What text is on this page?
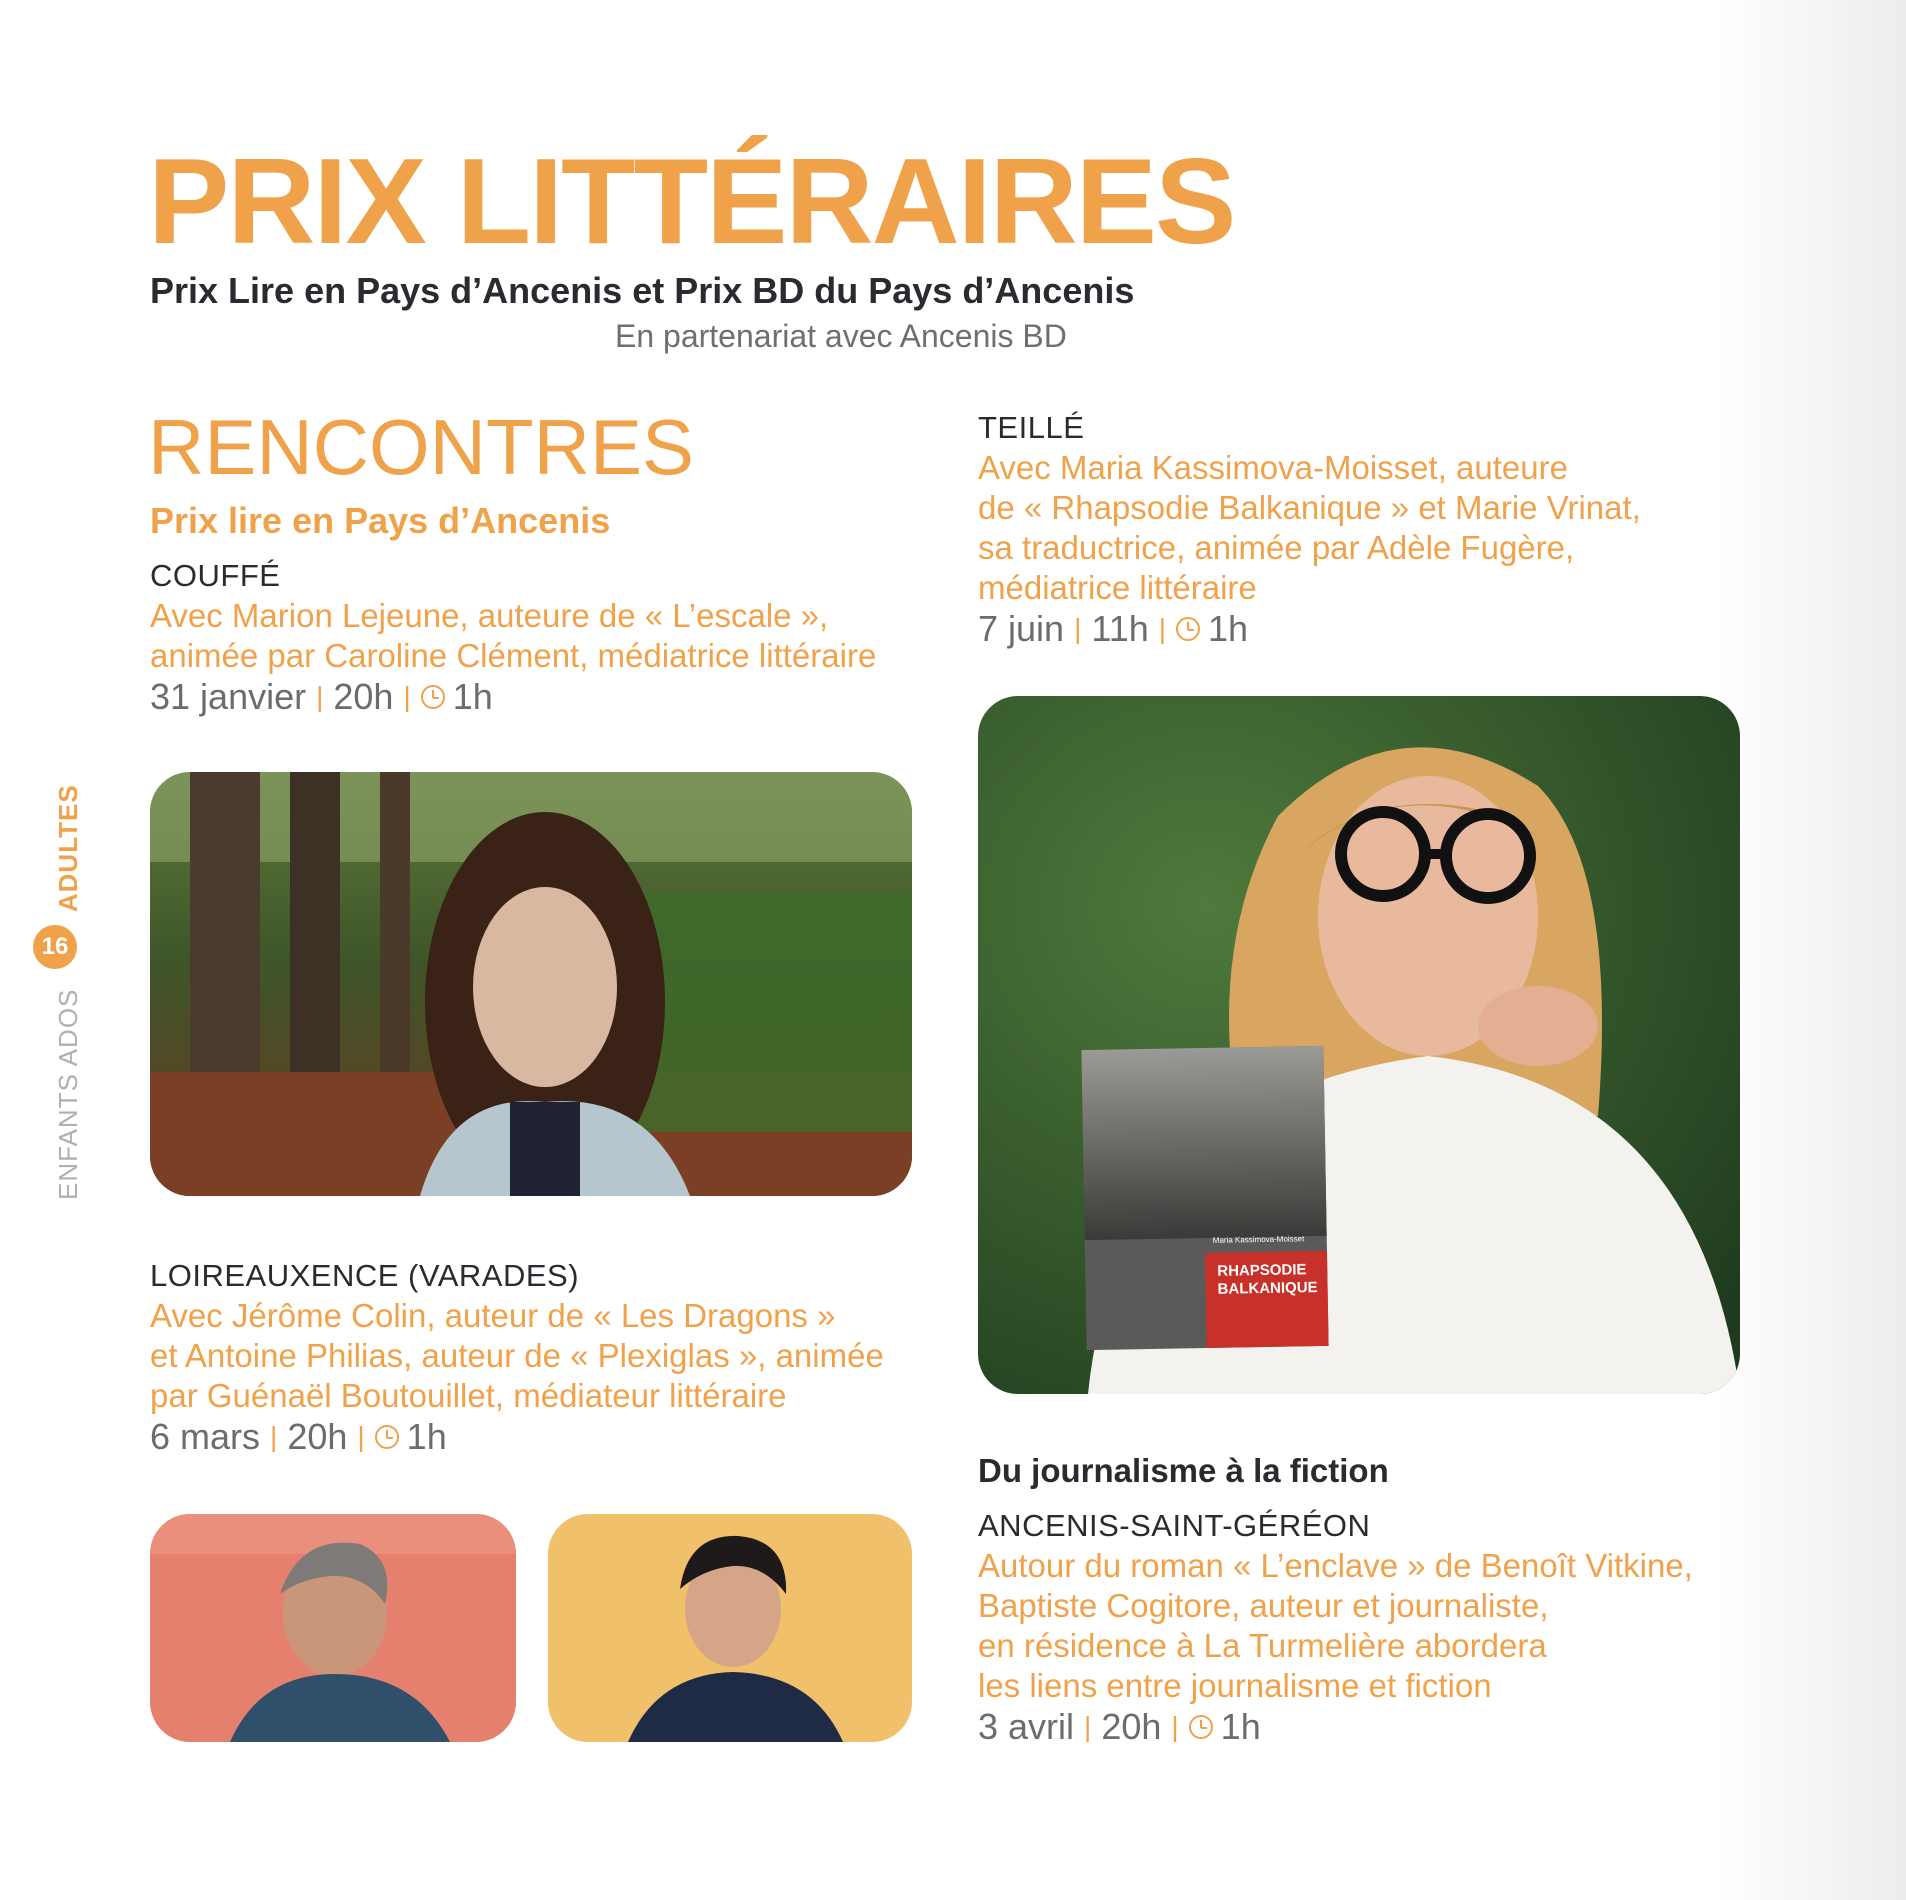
PRIX LITTÉRAIRES
Prix Lire en Pays d’Ancenis et Prix BD du Pays d’Ancenis
En partenariat avec Ancenis BD
ENFANTS ADOS  ADULTES
16
RENCONTRES
Prix lire en Pays d’Ancenis
COUFFÉ
Avec Marion Lejeune, auteure de « L’escale »,
animée par Caroline Clément, médiatrice littéraire
31 janvier | 20h | 1h
LOIREAUXENCE (VARADES)
Avec Jérôme Colin, auteur de « Les Dragons »
et Antoine Philias, auteur de « Plexiglas », animée
par Guénaël Boutouillet, médiateur littéraire
6 mars | 20h | 1h
TEILLÉ
Avec Maria Kassimova-Moisset, auteure
de « Rhapsodie Balkanique » et Marie Vrinat,
sa traductrice, animée par Adèle Fugère,
médiatrice littéraire
7 juin | 11h | 1h
Maria Kassimova-Moisset
RHAPSODIE
BALKANIQUE
Du journalisme à la fiction
ANCENIS-SAINT-GÉRÉON
Autour du roman « L’enclave » de Benoît Vitkine,
Baptiste Cogitore, auteur et journaliste,
en résidence à La Turmelière abordera
les liens entre journalisme et fiction
3 avril | 20h | 1h
